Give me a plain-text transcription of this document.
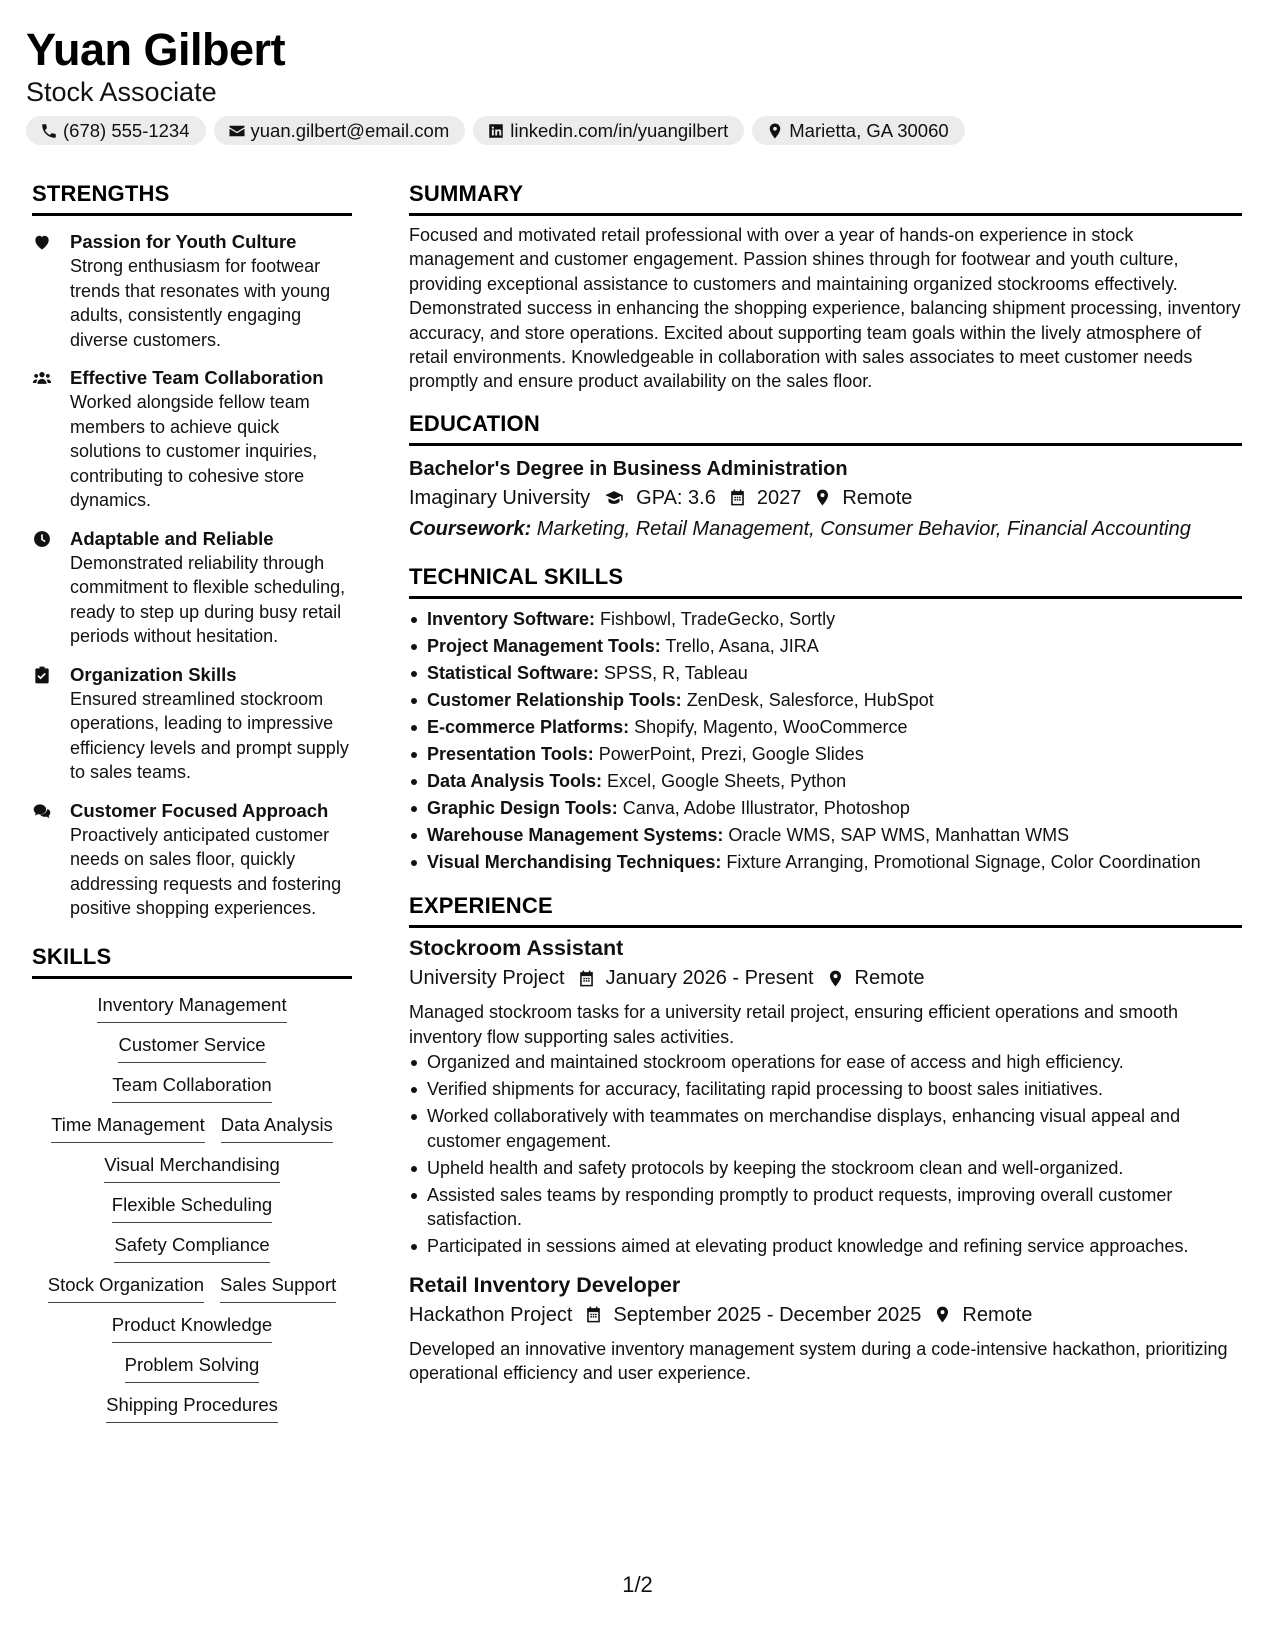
Yuan Gilbert
Stock Associate
(678) 555-1234	yuan.gilbert@email.com	linkedin.com/in/yuangilbert	Marietta, GA 30060
STRENGTHS
Passion for Youth Culture
Strong enthusiasm for footwear trends that resonates with young adults, consistently engaging diverse customers.
Effective Team Collaboration
Worked alongside fellow team members to achieve quick solutions to customer inquiries, contributing to cohesive store dynamics.
Adaptable and Reliable
Demonstrated reliability through commitment to flexible scheduling, ready to step up during busy retail periods without hesitation.
Organization Skills
Ensured streamlined stockroom operations, leading to impressive efficiency levels and prompt supply to sales teams.
Customer Focused Approach
Proactively anticipated customer needs on sales floor, quickly addressing requests and fostering positive shopping experiences.
SKILLS
Inventory Management
Customer Service
Team Collaboration
Time Management Data Analysis
Visual Merchandising
Flexible Scheduling
Safety Compliance
Stock Organization Sales Support
Product Knowledge
Problem Solving
Shipping Procedures
SUMMARY
Focused and motivated retail professional with over a year of hands-on experience in stock management and customer engagement. Passion shines through for footwear and youth culture, providing exceptional assistance to customers and maintaining organized stockrooms effectively. Demonstrated success in enhancing the shopping experience, balancing shipment processing, inventory accuracy, and store operations. Excited about supporting team goals within the lively atmosphere of retail environments. Knowledgeable in collaboration with sales associates to meet customer needs promptly and ensure product availability on the sales floor.
EDUCATION
Bachelor's Degree in Business Administration
Imaginary University GPA: 3.6 2027 Remote
Coursework: Marketing, Retail Management, Consumer Behavior, Financial Accounting
TECHNICAL SKILLS
Inventory Software: Fishbowl, TradeGecko, Sortly
Project Management Tools: Trello, Asana, JIRA
Statistical Software: SPSS, R, Tableau
Customer Relationship Tools: ZenDesk, Salesforce, HubSpot
E-commerce Platforms: Shopify, Magento, WooCommerce
Presentation Tools: PowerPoint, Prezi, Google Slides
Data Analysis Tools: Excel, Google Sheets, Python
Graphic Design Tools: Canva, Adobe Illustrator, Photoshop
Warehouse Management Systems: Oracle WMS, SAP WMS, Manhattan WMS
Visual Merchandising Techniques: Fixture Arranging, Promotional Signage, Color Coordination
EXPERIENCE
Stockroom Assistant
University Project January 2026 - Present Remote
Managed stockroom tasks for a university retail project, ensuring efficient operations and smooth inventory flow supporting sales activities.
Organized and maintained stockroom operations for ease of access and high efficiency.
Verified shipments for accuracy, facilitating rapid processing to boost sales initiatives.
Worked collaboratively with teammates on merchandise displays, enhancing visual appeal and customer engagement.
Upheld health and safety protocols by keeping the stockroom clean and well-organized.
Assisted sales teams by responding promptly to product requests, improving overall customer satisfaction.
Participated in sessions aimed at elevating product knowledge and refining service approaches.
Retail Inventory Developer
Hackathon Project September 2025 - December 2025 Remote
Developed an innovative inventory management system during a code-intensive hackathon, prioritizing operational efficiency and user experience.
1/2
